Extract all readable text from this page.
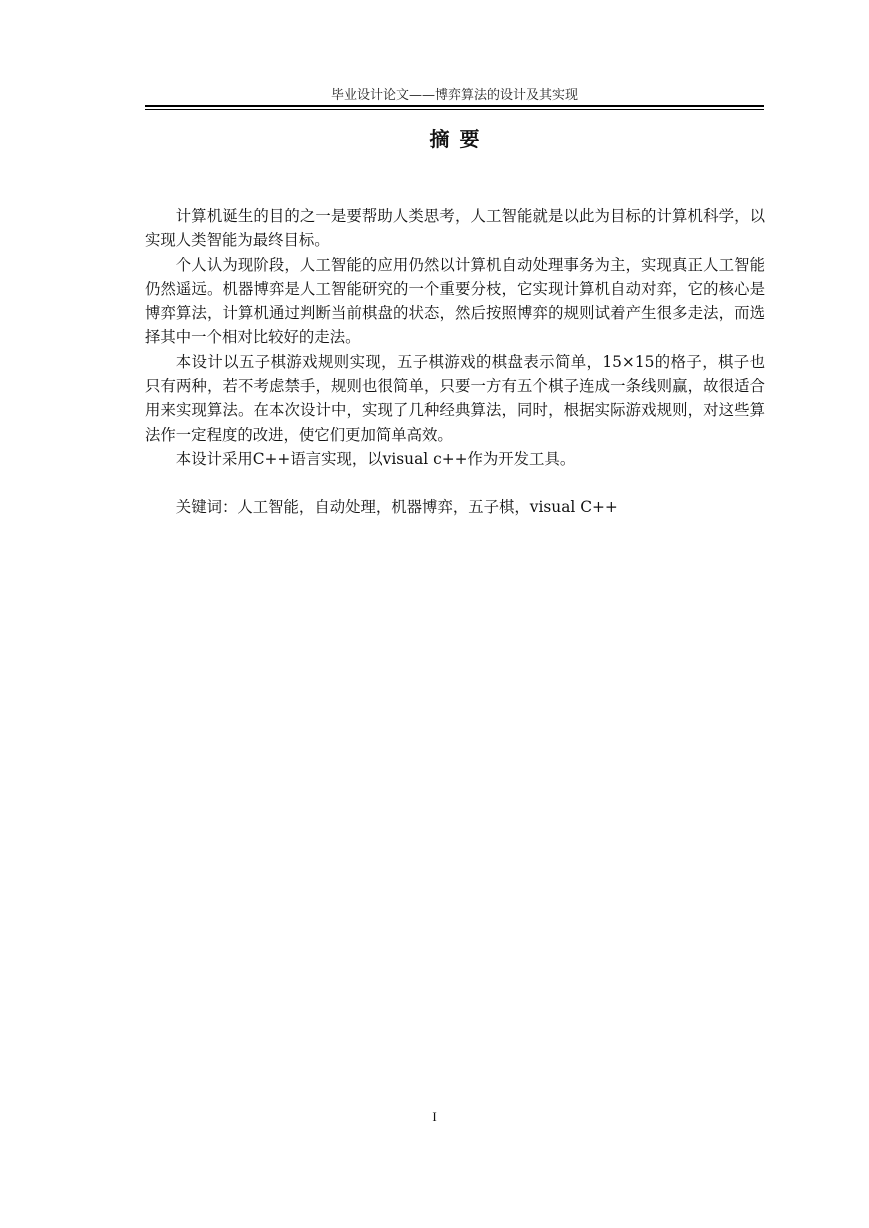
毕业设计论文——博弈算法的设计及其实现
摘要

计算机诞生的目的之一是要帮助人类思考，人工智能就是以此为目标的计算机科学，以实现人类智能为最终目标。

个人认为现阶段，人工智能的应用仍然以计算机自动处理事务为主，实现真正人工智能仍然遥远。机器博弈是人工智能研究的一个重要分枝，它实现计算机自动对弈，它的核心是博弈算法，计算机通过判断当前棋盘的状态，然后按照博弈的规则试着产生很多走法，而选择其中一个相对比较好的走法。

本设计以五子棋游戏规则实现，五子棋游戏的棋盘表示简单，15×15的格子，棋子也只有两种，若不考虑禁手，规则也很简单，只要一方有五个棋子连成一条线则赢，故很适合用来实现算法。在本次设计中，实现了几种经典算法，同时，根据实际游戏规则，对这些算法作一定程度的改进，使它们更加简单高效。

本设计采用C++语言实现，以visual c++作为开发工具。

关键词：人工智能，自动处理，机器博弈，五子棋，visual C++

I
